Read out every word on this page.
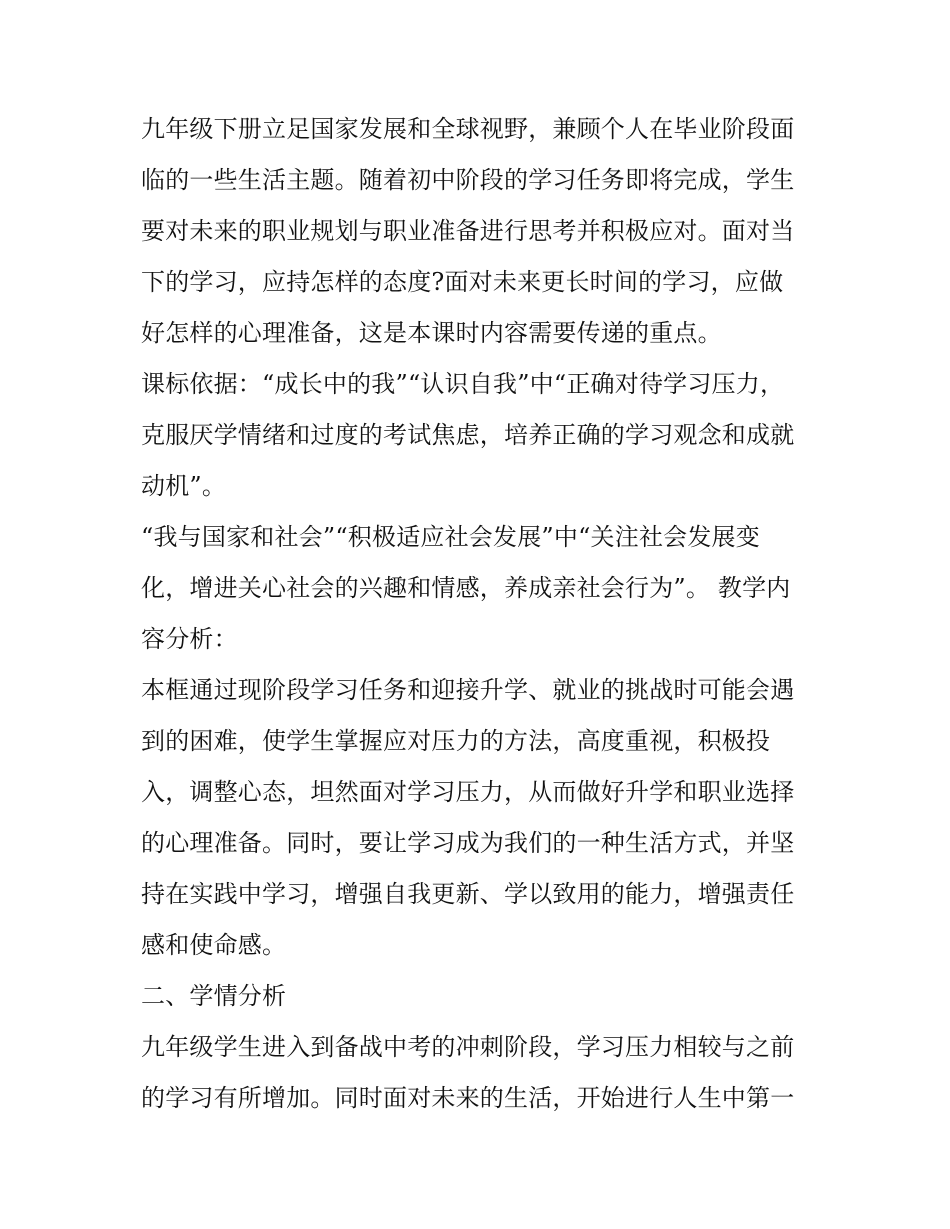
九年级下册立足国家发展和全球视野，兼顾个人在毕业阶段面
临的一些生活主题。随着初中阶段的学习任务即将完成，学生
要对未来的职业规划与职业准备进行思考并积极应对。面对当
下的学习，应持怎样的态度?面对未来更长时间的学习，应做
好怎样的心理准备，这是本课时内容需要传递的重点。
课标依据：“成长中的我”“认识自我”中“正确对待学习压力，
克服厌学情绪和过度的考试焦虑，培养正确的学习观念和成就
动机”。
“我与国家和社会”“积极适应社会发展”中“关注社会发展变
化，增进关心社会的兴趣和情感，养成亲社会行为”。 教学内
容分析：
本框通过现阶段学习任务和迎接升学、就业的挑战时可能会遇
到的困难，使学生掌握应对压力的方法，高度重视，积极投
入，调整心态，坦然面对学习压力，从而做好升学和职业选择
的心理准备。同时，要让学习成为我们的一种生活方式，并坚
持在实践中学习，增强自我更新、学以致用的能力，增强责任
感和使命感。
二、学情分析
九年级学生进入到备战中考的冲刺阶段，学习压力相较与之前
的学习有所增加。同时面对未来的生活，开始进行人生中第一
